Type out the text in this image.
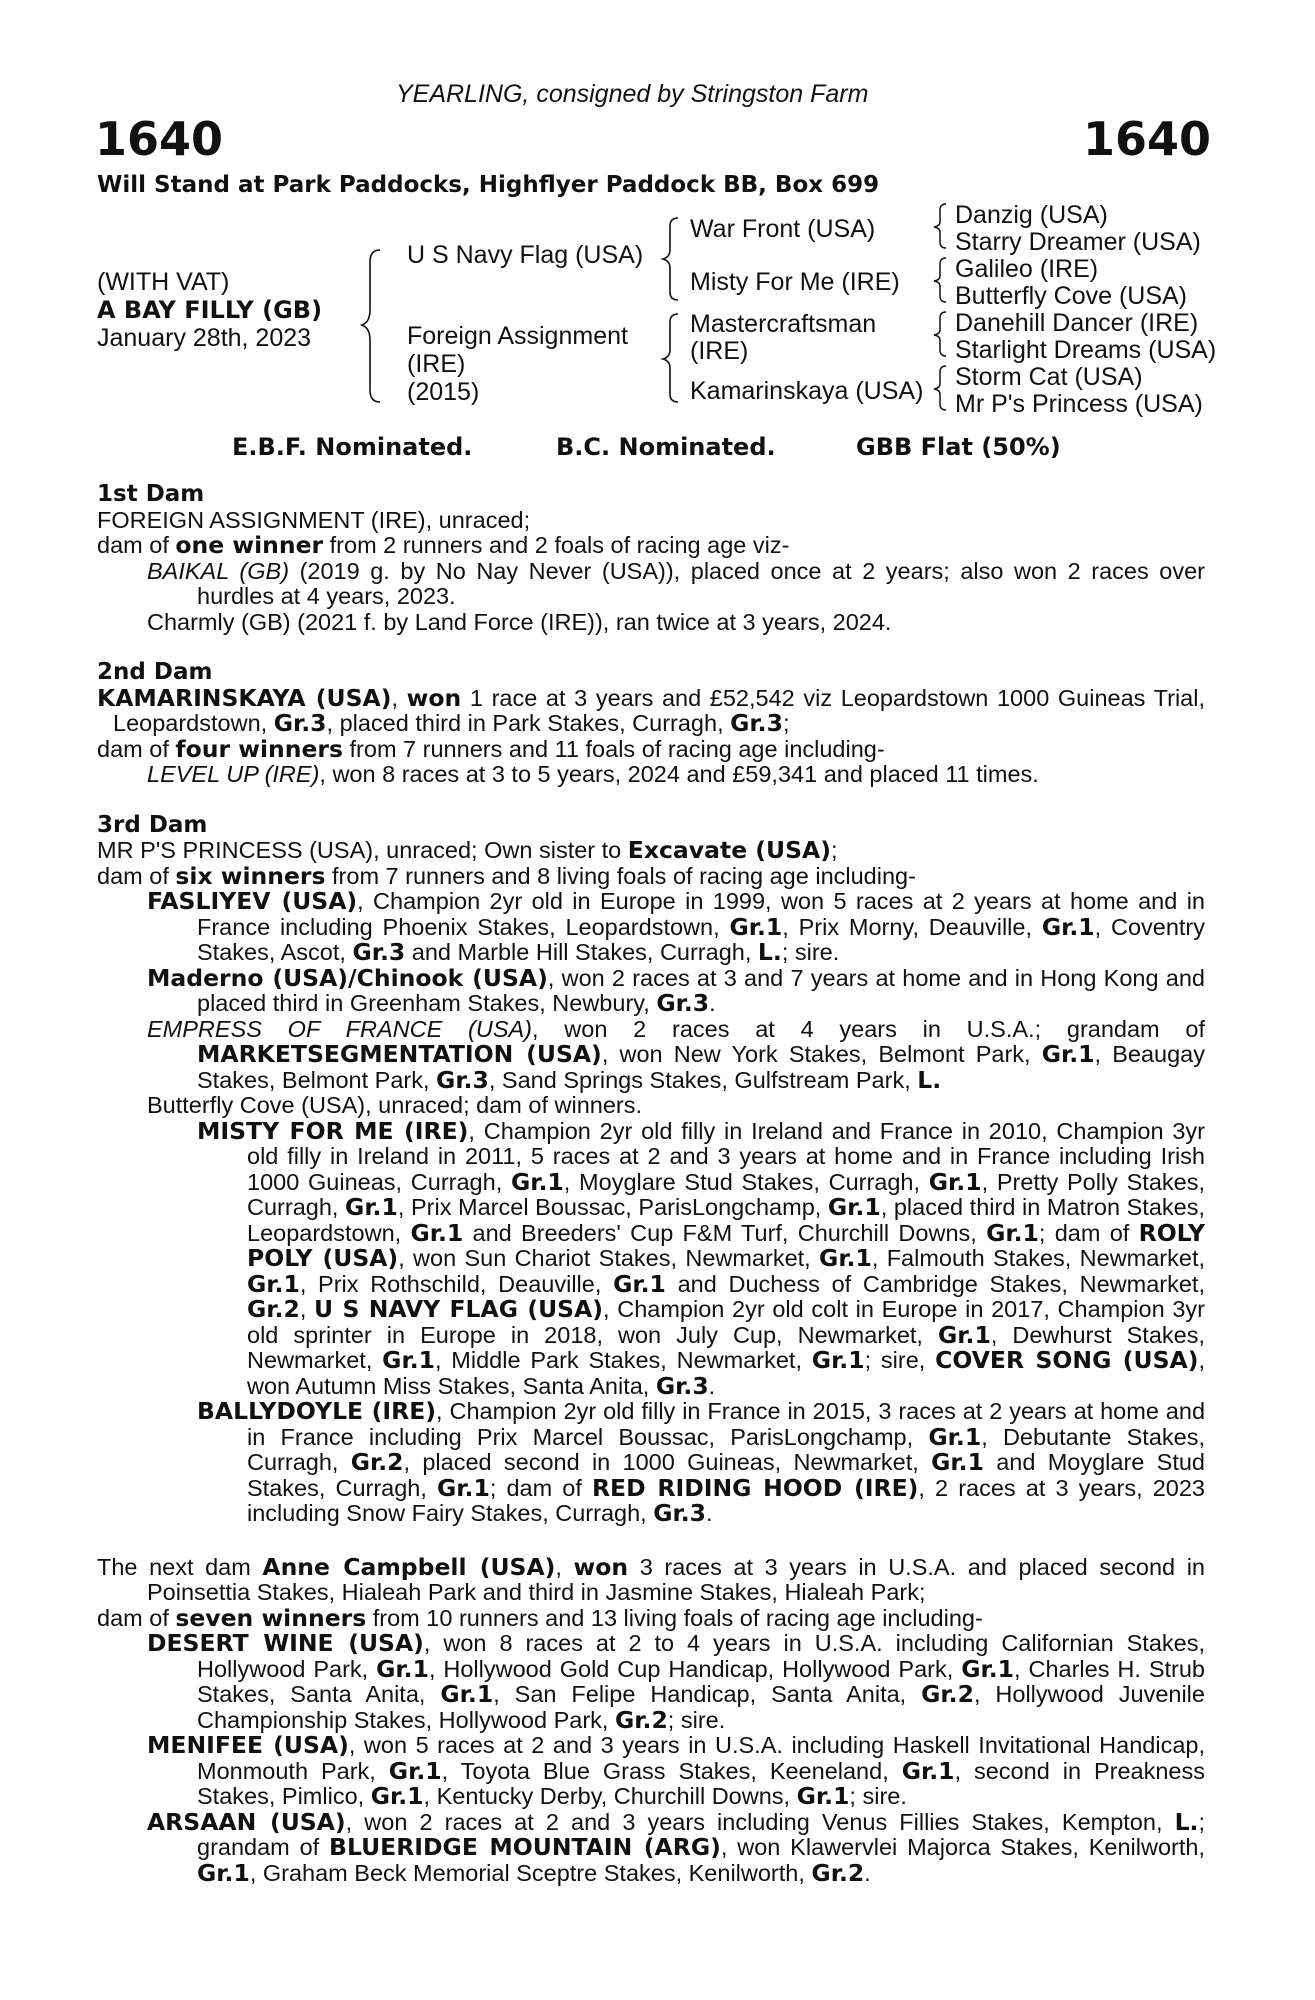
YEARLING, consigned by Stringston Farm
1640	1640
Will Stand at Park Paddocks, Highflyer Paddock BB, Box 699
(WITH VAT)
A BAY FILLY (GB)
January 28th, 2023
U S Navy Flag (USA)
Foreign Assignment
(IRE)
(2015)
War Front (USA)
Misty For Me (IRE)
Mastercraftsman
(IRE)
Kamarinskaya (USA)
Danzig (USA)
Starry Dreamer (USA)
Galileo (IRE)
Butterfly Cove (USA)
Danehill Dancer (IRE)
Starlight Dreams (USA)
Storm Cat (USA)
Mr P's Princess (USA)
E.B.F. Nominated.	B.C. Nominated.	GBB Flat (50%)
1st Dam

FOREIGN ASSIGNMENT (IRE), unraced;

dam of one winner from 2 runners and 2 foals of racing age viz-

BAIKAL (GB) (2019 g. by No Nay Never (USA)), placed once at 2 years; also won 2 races over hurdles at 4 years, 2023.

Charmly (GB) (2021 f. by Land Force (IRE)), ran twice at 3 years, 2024.

2nd Dam

KAMARINSKAYA (USA), won 1 race at 3 years and £52,542 viz Leopardstown 1000 Guineas Trial, Leopardstown, Gr.3, placed third in Park Stakes, Curragh, Gr.3;

dam of four winners from 7 runners and 11 foals of racing age including-

LEVEL UP (IRE), won 8 races at 3 to 5 years, 2024 and £59,341 and placed 11 times.

3rd Dam

MR P'S PRINCESS (USA), unraced; Own sister to Excavate (USA);

dam of six winners from 7 runners and 8 living foals of racing age including-

FASLIYEV (USA), Champion 2yr old in Europe in 1999, won 5 races at 2 years at home and in France including Phoenix Stakes, Leopardstown, Gr.1, Prix Morny, Deauville, Gr.1, Coventry Stakes, Ascot, Gr.3 and Marble Hill Stakes, Curragh, L.; sire.

Maderno (USA)/Chinook (USA), won 2 races at 3 and 7 years at home and in Hong Kong and placed third in Greenham Stakes, Newbury, Gr.3.

EMPRESS OF FRANCE (USA), won 2 races at 4 years in U.S.A.; grandam of MARKETSEGMENTATION (USA), won New York Stakes, Belmont Park, Gr.1, Beaugay Stakes, Belmont Park, Gr.3, Sand Springs Stakes, Gulfstream Park, L.

Butterfly Cove (USA), unraced; dam of winners.

MISTY FOR ME (IRE), Champion 2yr old filly in Ireland and France in 2010, Champion 3yr old filly in Ireland in 2011, 5 races at 2 and 3 years at home and in France including Irish 1000 Guineas, Curragh, Gr.1, Moyglare Stud Stakes, Curragh, Gr.1, Pretty Polly Stakes, Curragh, Gr.1, Prix Marcel Boussac, ParisLongchamp, Gr.1, placed third in Matron Stakes, Leopardstown, Gr.1 and Breeders' Cup F&M Turf, Churchill Downs, Gr.1; dam of ROLY POLY (USA), won Sun Chariot Stakes, Newmarket, Gr.1, Falmouth Stakes, Newmarket, Gr.1, Prix Rothschild, Deauville, Gr.1 and Duchess of Cambridge Stakes, Newmarket, Gr.2, U S NAVY FLAG (USA), Champion 2yr old colt in Europe in 2017, Champion 3yr old sprinter in Europe in 2018, won July Cup, Newmarket, Gr.1, Dewhurst Stakes, Newmarket, Gr.1, Middle Park Stakes, Newmarket, Gr.1; sire, COVER SONG (USA), won Autumn Miss Stakes, Santa Anita, Gr.3.

BALLYDOYLE (IRE), Champion 2yr old filly in France in 2015, 3 races at 2 years at home and in France including Prix Marcel Boussac, ParisLongchamp, Gr.1, Debutante Stakes, Curragh, Gr.2, placed second in 1000 Guineas, Newmarket, Gr.1 and Moyglare Stud Stakes, Curragh, Gr.1; dam of RED RIDING HOOD (IRE), 2 races at 3 years, 2023 including Snow Fairy Stakes, Curragh, Gr.3.

The next dam Anne Campbell (USA), won 3 races at 3 years in U.S.A. and placed second in Poinsettia Stakes, Hialeah Park and third in Jasmine Stakes, Hialeah Park;

dam of seven winners from 10 runners and 13 living foals of racing age including-

DESERT WINE (USA), won 8 races at 2 to 4 years in U.S.A. including Californian Stakes, Hollywood Park, Gr.1, Hollywood Gold Cup Handicap, Hollywood Park, Gr.1, Charles H. Strub Stakes, Santa Anita, Gr.1, San Felipe Handicap, Santa Anita, Gr.2, Hollywood Juvenile Championship Stakes, Hollywood Park, Gr.2; sire.

MENIFEE (USA), won 5 races at 2 and 3 years in U.S.A. including Haskell Invitational Handicap, Monmouth Park, Gr.1, Toyota Blue Grass Stakes, Keeneland, Gr.1, second in Preakness Stakes, Pimlico, Gr.1, Kentucky Derby, Churchill Downs, Gr.1; sire.

ARSAAN (USA), won 2 races at 2 and 3 years including Venus Fillies Stakes, Kempton, L.; grandam of BLUERIDGE MOUNTAIN (ARG), won Klawervlei Majorca Stakes, Kenilworth, Gr.1, Graham Beck Memorial Sceptre Stakes, Kenilworth, Gr.2.
